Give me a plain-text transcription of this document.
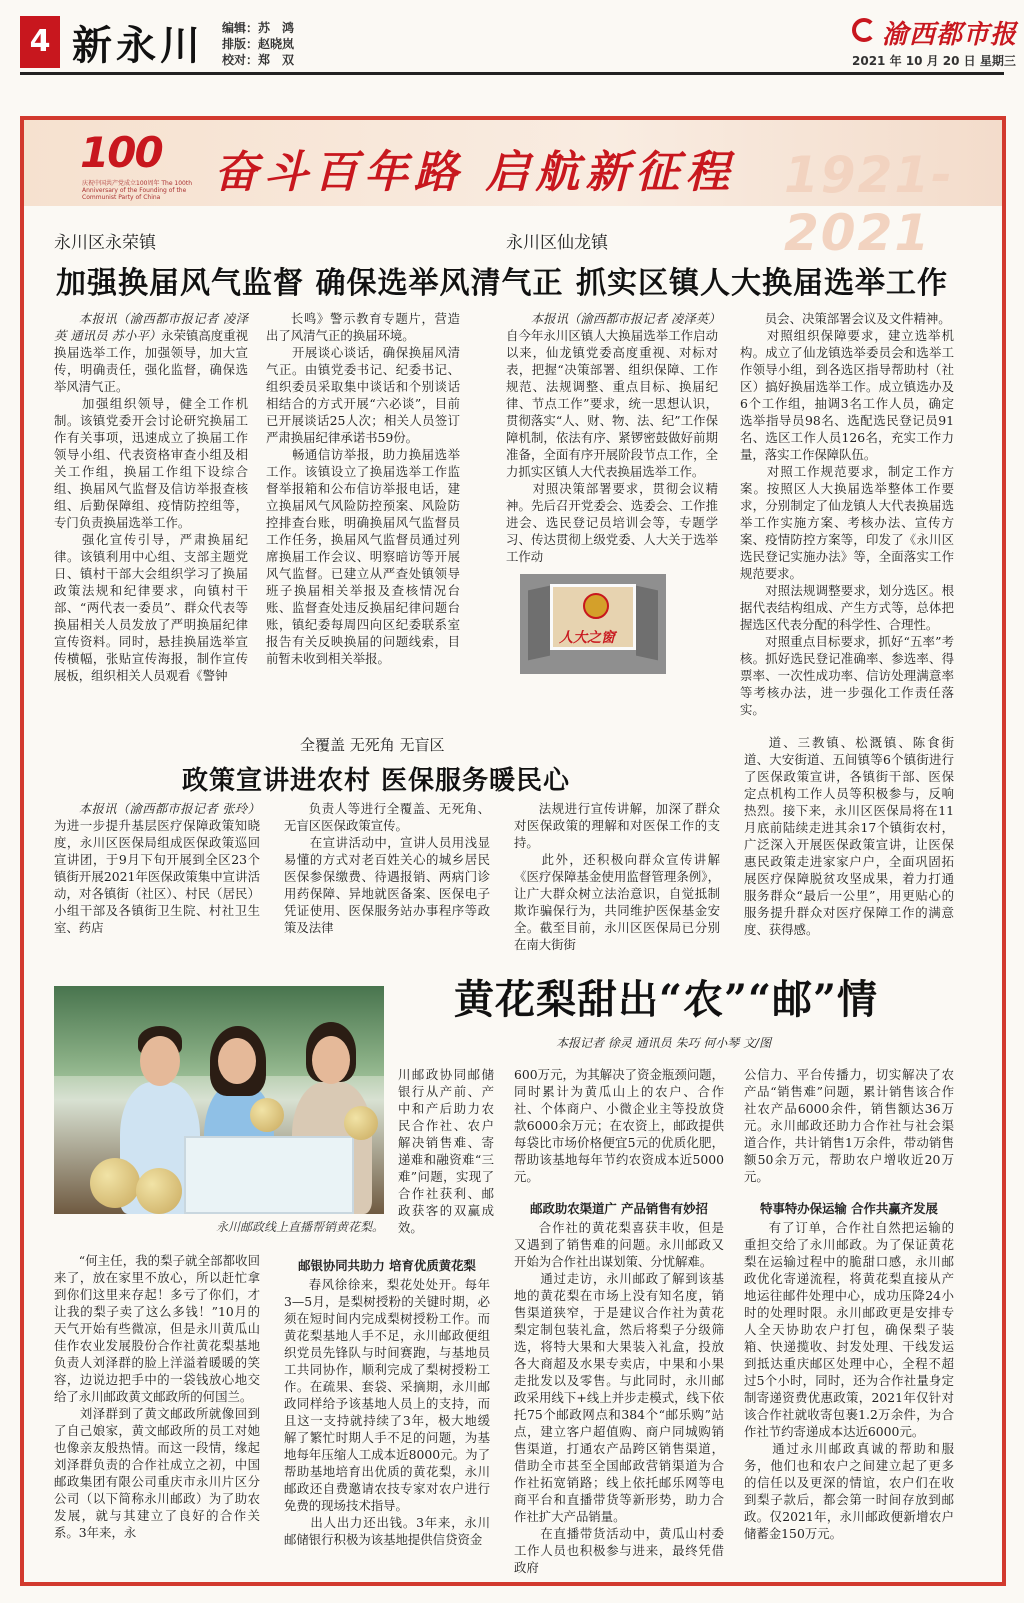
4 新永川 编辑：苏　鸿
排版：赵晓岚
校对：郑　双
渝西都市报
2021 年 10 月 20 日 星期三
100
庆祝中国共产党成立100周年 The 100th Anniversary of the Founding of the Communist Party of China	奋斗百年路 启航新征程 1921-2021
永川区永荣镇
加强换届风气监督 确保选举风清气正

本报讯（渝西都市报记者 凌泽英 通讯员 苏小平）永荣镇高度重视换届选举工作，加强领导，加大宣传，明确责任，强化监督，确保选举风清气正。
　　加强组织领导，健全工作机制。该镇党委开会讨论研究换届工作有关事项，迅速成立了换届工作领导小组、代表资格审查小组及相关工作组，换届工作组下设综合组、换届风气监督及信访举报查核组、后勤保障组、疫情防控组等，专门负责换届选举工作。
　　强化宣传引导，严肃换届纪律。该镇利用中心组、支部主题党日、镇村干部大会组织学习了换届政策法规和纪律要求，向镇村干部、“两代表一委员”、群众代表等换届相关人员发放了严明换届纪律宣传资料。同时，悬挂换届选举宣传横幅，张贴宣传海报，制作宣传展板，组织相关人员观看《警钟

长鸣》警示教育专题片，营造出了风清气正的换届环境。
　　开展谈心谈话，确保换届风清气正。由镇党委书记、纪委书记、组织委员采取集中谈话和个别谈话相结合的方式开展“六必谈”，目前已开展谈话25人次；相关人员签订严肃换届纪律承诺书59份。
　　畅通信访举报，助力换届选举工作。该镇设立了换届选举工作监督举报箱和公布信访举报电话，建立换届风气风险防控预案、风险防控排查台账，明确换届风气监督员工作任务，换届风气监督员通过列席换届工作会议、明察暗访等开展风气监督。已建立从严查处镇领导班子换届相关举报及查核情况台账、监督查处违反换届纪律问题台账，镇纪委每周四向区纪委联系室报告有关反映换届的问题线索，目前暂未收到相关举报。

永川区仙龙镇
抓实区镇人大换届选举工作

本报讯（渝西都市报记者 凌泽英）自今年永川区镇人大换届选举工作启动以来，仙龙镇党委高度重视、对标对表，把握“决策部署、组织保障、工作规范、法规调整、重点目标、换届纪律、节点工作”要求，统一思想认识，贯彻落实“人、财、物、法、纪”工作保障机制，依法有序、紧锣密鼓做好前期准备，全面有序开展阶段节点工作，全力抓实区镇人大代表换届选举工作。
　　对照决策部署要求，贯彻会议精神。先后召开党委会、选委会、工作推进会、选民登记员培训会等，专题学习、传达贯彻上级党委、人大关于选举工作动

人大之窗

员会、决策部署会议及文件精神。
　　对照组织保障要求，建立选举机构。成立了仙龙镇选举委员会和选举工作领导小组，到各选区指导帮助村（社区）搞好换届选举工作。成立镇选办及6个工作组，抽调3名工作人员，确定选举指导员98名、选配选民登记员91名、选区工作人员126名，充实工作力量，落实工作保障队伍。
　　对照工作规范要求，制定工作方案。按照区人大换届选举整体工作要求，分别制定了仙龙镇人大代表换届选举工作实施方案、考核办法、宣传方案、疫情防控方案等，印发了《永川区选民登记实施办法》等，全面落实工作规范要求。
　　对照法规调整要求，划分选区。根据代表结构组成、产生方式等，总体把握选区代表分配的科学性、合理性。
　　对照重点目标要求，抓好“五率”考核。抓好选民登记准确率、参选率、得票率、一次性成功率、信访处理满意率等考核办法，进一步强化工作责任落实。

全覆盖 无死角 无盲区
政策宣讲进农村 医保服务暖民心

本报讯（渝西都市报记者 张玲）为进一步提升基层医疗保障政策知晓度，永川区医保局组成医保政策巡回宣讲团，于9月下旬开展到全区23个镇街开展2021年医保政策集中宣讲活动，对各镇街（社区）、村民（居民）小组干部及各镇街卫生院、村社卫生室、药店

负责人等进行全覆盖、无死角、无盲区医保政策宣传。
　　在宣讲活动中，宣讲人员用浅显易懂的方式对老百姓关心的城乡居民医保参保缴费、待遇报销、两病门诊用药保障、异地就医备案、医保电子凭证使用、医保服务站办事程序等政策及法律

法规进行宣传讲解，加深了群众对医保政策的理解和对医保工作的支持。
　　此外，还积极向群众宣传讲解《医疗保障基金使用监督管理条例》，让广大群众树立法治意识，自觉抵制欺诈骗保行为，共同维护医保基金安全。截至目前，永川区医保局已分别在南大街街

道、三教镇、松溉镇、陈食街道、大安街道、五间镇等6个镇街进行了医保政策宣讲，各镇街干部、医保定点机构工作人员等积极参与，反响热烈。接下来，永川区医保局将在11月底前陆续走进其余17个镇街农村，广泛深入开展医保政策宣讲，让医保惠民政策走进家家户户，全面巩固拓展医疗保障脱贫攻坚成果，着力打通服务群众“最后一公里”，用更贴心的服务提升群众对医疗保障工作的满意度、获得感。

黄花梨甜出“农”“邮”情
本报记者 徐灵 通讯员 朱巧 何小琴 文/图
永川邮政线上直播帮销黄花梨。

川邮政协同邮储银行从产前、产中和产后助力农民合作社、农户解决销售难、寄递难和融资难“三难”问题，实现了合作社获利、邮政获客的双赢成效。

“何主任，我的梨子就全部都收回来了，放在家里不放心，所以赶忙拿到你们这里来存起！多亏了你们，才让我的梨子卖了这么多钱！”10月的天气开始有些微凉，但是永川黄瓜山佳作农业发展股份合作社黄花梨基地负责人刘泽群的脸上洋溢着暖暖的笑容，边说边把手中的一袋钱放心地交给了永川邮政黄文邮政所的何国兰。
　　刘泽群到了黄文邮政所就像回到了自己娘家，黄文邮政所的员工对她也像亲友般热情。而这一段情，缘起刘泽群负责的合作社成立之初，中国邮政集团有限公司重庆市永川片区分公司（以下简称永川邮政）为了助农发展，就与其建立了良好的合作关系。3年来，永

邮银协同共助力 培育优质黄花梨

春风徐徐来，梨花处处开。每年3—5月，是梨树授粉的关键时期，必须在短时间内完成梨树授粉工作。而黄花梨基地人手不足，永川邮政便组织党员先锋队与时间赛跑，与基地员工共同协作，顺利完成了梨树授粉工作。在疏果、套袋、采摘期，永川邮政同样给予该基地人员上的支持，而且这一支持就持续了3年，极大地缓解了繁忙时期人手不足的问题，为基地每年压缩人工成本近8000元。为了帮助基地培育出优质的黄花梨，永川邮政还自费邀请农技专家对农户进行免费的现场技术指导。
　　出人出力还出钱。3年来，永川邮储银行积极为该基地提供信贷资金

600万元，为其解决了资金瓶颈问题，同时累计为黄瓜山上的农户、合作社、个体商户、小微企业主等投放贷款6000余万元；在农资上，邮政提供每袋比市场价格便宜5元的优质化肥，帮助该基地每年节约农资成本近5000元。

邮政助农渠道广 产品销售有妙招

合作社的黄花梨喜获丰收，但是又遇到了销售难的问题。永川邮政又开始为合作社出谋划策、分忧解难。
　　通过走访，永川邮政了解到该基地的黄花梨在市场上没有知名度，销售渠道狭窄，于是建议合作社为黄花梨定制包装礼盒，然后将梨子分级筛选，将特大果和大果装入礼盒，投放各大商超及水果专卖店，中果和小果走批发以及零售。与此同时，永川邮政采用线下+线上并步走模式，线下依托75个邮政网点和384个“邮乐购”站点，建立客户超值购、商户同城购销售渠道，打通农产品跨区销售渠道，借助全市甚至全国邮政营销渠道为合作社拓宽销路；线上依托邮乐网等电商平台和直播带货等新形势，助力合作社扩大产品销量。
　　在直播带货活动中，黄瓜山村委工作人员也积极参与进来，最终凭借政府

公信力、平台传播力，切实解决了农产品“销售难”问题，累计销售该合作社农产品6000余件，销售额达36万元。永川邮政还助力合作社与社会渠道合作，共计销售1万余件，带动销售额50余万元，帮助农户增收近20万元。

特事特办保运输 合作共赢齐发展

有了订单，合作社自然把运输的重担交给了永川邮政。为了保证黄花梨在运输过程中的脆甜口感，永川邮政优化寄递流程，将黄花梨直接从产地运往邮件处理中心，成功压降24小时的处理时限。永川邮政更是安排专人全天协助农户打包，确保梨子装箱、快递揽收、封发处理、干线发运到抵达重庆邮区处理中心，全程不超过5个小时，同时，还为合作社量身定制寄递资费优惠政策，2021年仅针对该合作社就收寄包裹1.2万余件，为合作社节约寄递成本达近6000元。
　　通过永川邮政真诚的帮助和服务，他们也和农户之间建立起了更多的信任以及更深的情谊，农户们在收到梨子款后，都会第一时间存放到邮政。仅2021年，永川邮政便新增农户储蓄金150万元。
